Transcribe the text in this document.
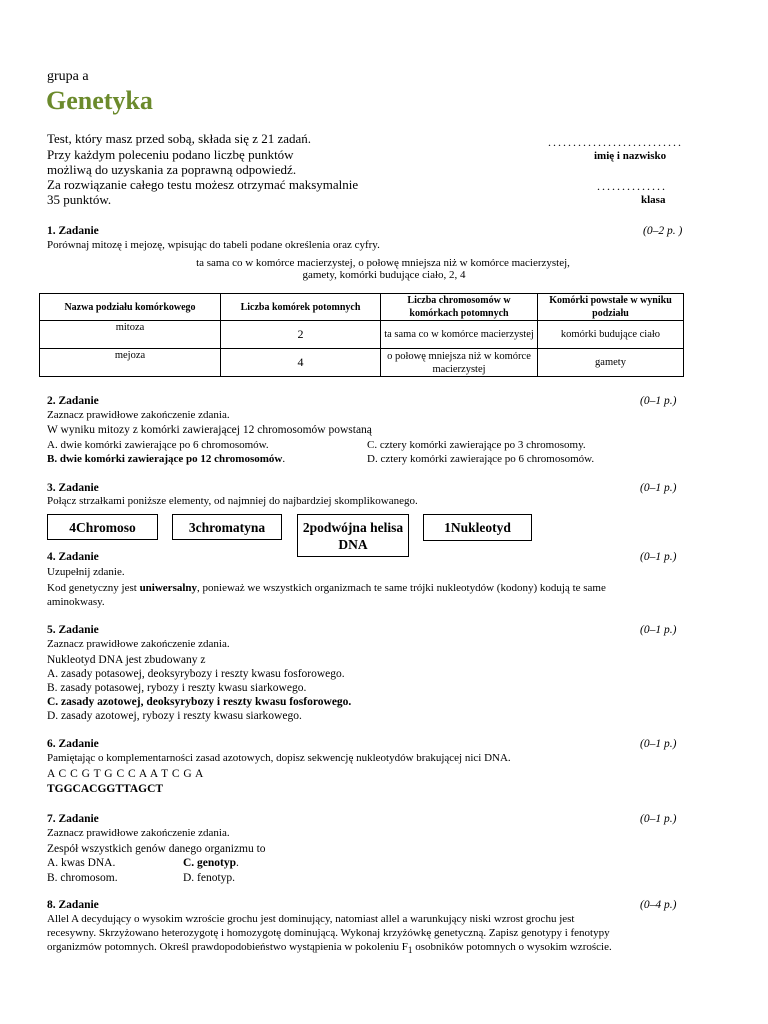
grupa a
Genetyka
Test, który masz przed sobą, składa się z 21 zadań.
Przy każdym poleceniu podano liczbę punktów
możliwą do uzyskania za poprawną odpowiedź.
Za rozwiązanie całego testu możesz otrzymać maksymalnie
35 punktów.
...........................
imię i nazwisko
..............
klasa
1. Zadanie	(0–2 p. )
Porównaj mitozę i mejozę, wpisując do tabeli podane określenia oraz cyfry.
ta sama co w komórce macierzystej, o połowę mniejsza niż w komórce macierzystej,
gamety, komórki budujące ciało, 2, 4
Nazwa podziału komórkowego	Liczba komórek potomnych	Liczba chromosomów w komórkach potomnych	Komórki powstałe w wyniku podziału
mitoza	2	ta sama co w komórce macierzystej	komórki budujące ciało
mejoza	4	o połowę mniejsza niż w komórce macierzystej	gamety
2. Zadanie	(0–1 p.)
Zaznacz prawidłowe zakończenie zdania.
W wyniku mitozy z komórki zawierającej 12 chromosomów powstaną
A. dwie komórki zawierające po 6 chromosomów.
B. dwie komórki zawierające po 12 chromosomów.
C. cztery komórki zawierające po 3 chromosomy.
D. cztery komórki zawierające po 6 chromosomów.
3. Zadanie	(0–1 p.)
Połącz strzałkami poniższe elementy, od najmniej do najbardziej skomplikowanego.
4Chromoso	3chromatyna	2podwójna helisa DNA
1Nukleotyd
4. Zadanie	(0–1 p.)
Uzupełnij zdanie.
Kod genetyczny jest uniwersalny, ponieważ we wszystkich organizmach te same trójki nukleotydów (kodony) kodują te same
aminokwasy.
5. Zadanie	(0–1 p.)
Zaznacz prawidłowe zakończenie zdania.
Nukleotyd DNA jest zbudowany z
A. zasady potasowej, deoksyrybozy i reszty kwasu fosforowego.
B. zasady potasowej, rybozy i reszty kwasu siarkowego.
C. zasady azotowej, deoksyrybozy i reszty kwasu fosforowego.
D. zasady azotowej, rybozy i reszty kwasu siarkowego.
6. Zadanie	(0–1 p.)
Pamiętając o komplementarności zasad azotowych, dopisz sekwencję nukleotydów brakującej nici DNA.
A C C G T G C C A A T C G A
TGGCACGGTTAGCT
7. Zadanie	(0–1 p.)
Zaznacz prawidłowe zakończenie zdania.
Zespół wszystkich genów danego organizmu to
A. kwas DNA.
B. chromosom.
C. genotyp.
D. fenotyp.
8. Zadanie	(0–4 p.)
Allel A decydujący o wysokim wzroście grochu jest dominujący, natomiast allel a warunkujący niski wzrost grochu jest
recesywny. Skrzyżowano heterozygotę i homozygotę dominującą. Wykonaj krzyżówkę genetyczną. Zapisz genotypy i fenotypy
organizmów potomnych. Określ prawdopodobieństwo wystąpienia w pokoleniu $F_1$ osobników potomnych o wysokim wzroście.
